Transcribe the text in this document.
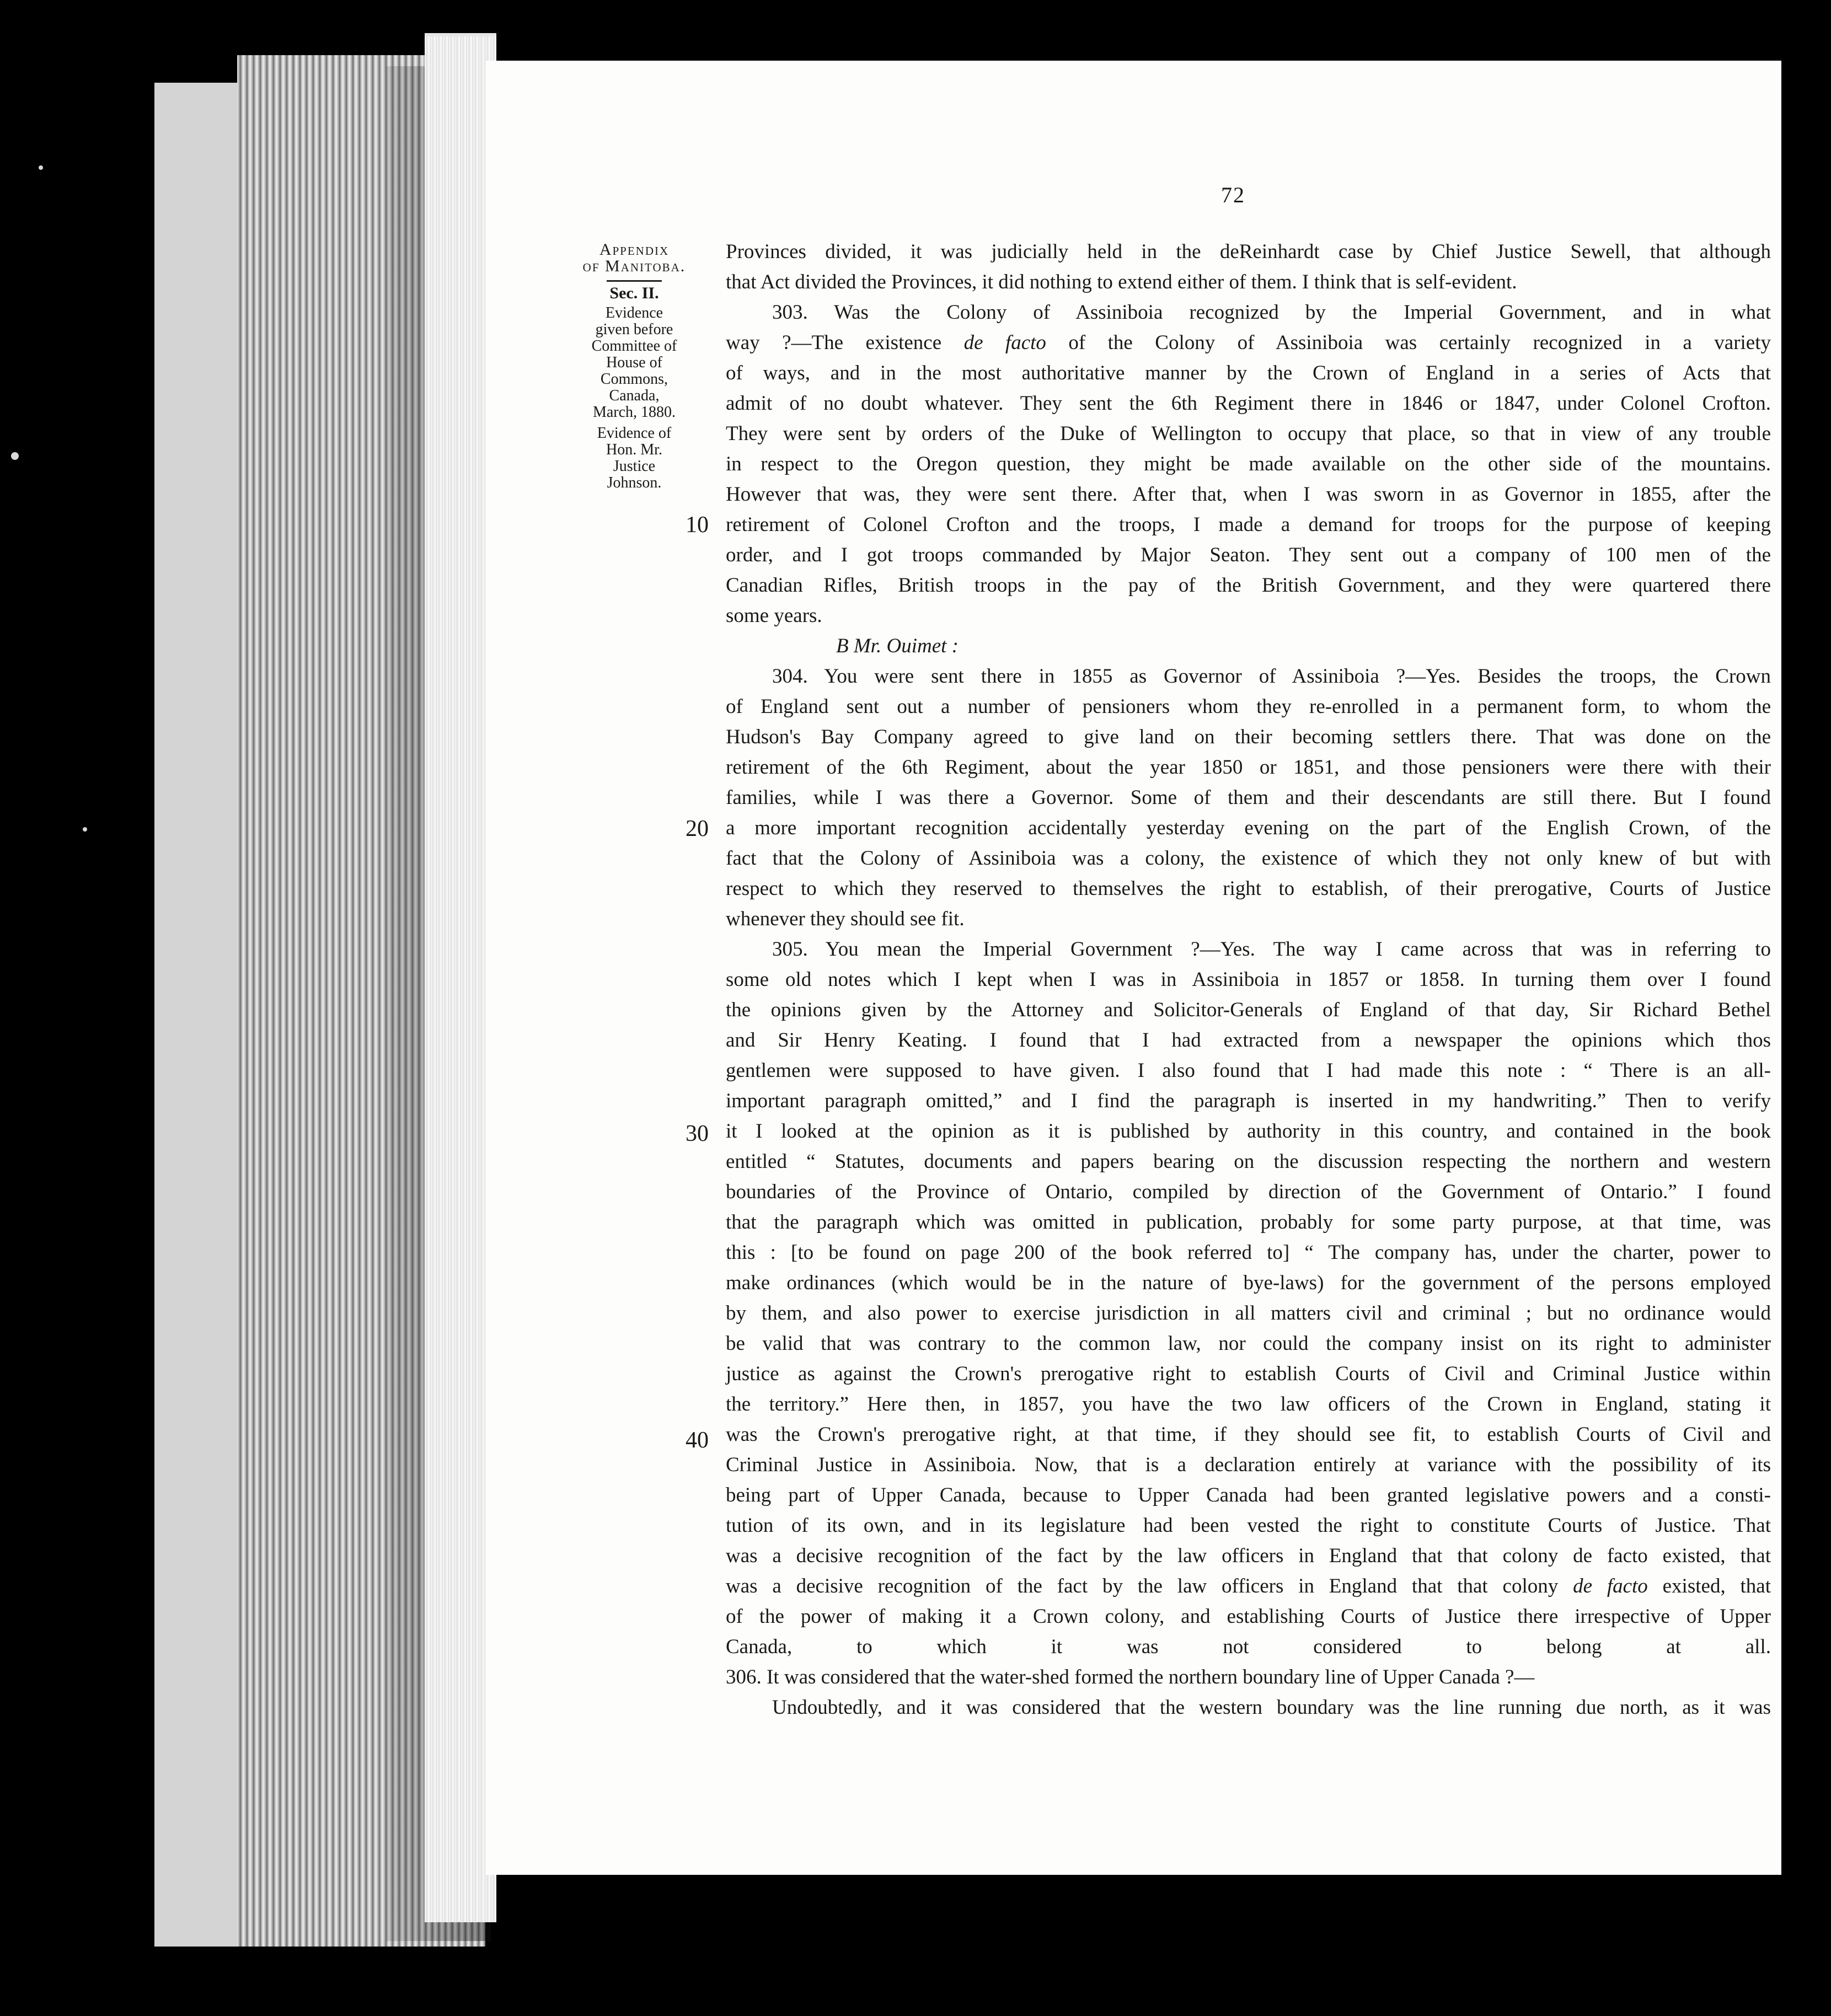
72
Appendix
of Manitoba.
Sec. II.
Evidence
given before
Committee of
House of
Commons,
Canada,
March, 1880.
Evidence of
Hon. Mr.
Justice
Johnson.
10
20
30
40
Provinces divided, it was judicially held in the deReinhardt case by Chief Justice Sewell, that although
that Act divided the Provinces, it did nothing to extend either of them. I think that is self-evident.
303. Was the Colony of Assiniboia recognized by the Imperial Government, and in what
way ?—The existence de facto of the Colony of Assiniboia was certainly recognized in a variety
of ways, and in the most authoritative manner by the Crown of England in a series of Acts that
admit of no doubt whatever. They sent the 6th Regiment there in 1846 or 1847, under Colonel Crofton.
They were sent by orders of the Duke of Wellington to occupy that place, so that in view of any trouble
in respect to the Oregon question, they might be made available on the other side of the mountains.
However that was, they were sent there. After that, when I was sworn in as Governor in 1855, after the
retirement of Colonel Crofton and the troops, I made a demand for troops for the purpose of keeping
order, and I got troops commanded by Major Seaton. They sent out a company of 100 men of the
Canadian Rifles, British troops in the pay of the British Government, and they were quartered there
some years.
B Mr. Ouimet :
304. You were sent there in 1855 as Governor of Assiniboia ?—Yes. Besides the troops, the Crown
of England sent out a number of pensioners whom they re-enrolled in a permanent form, to whom the
Hudson's Bay Company agreed to give land on their becoming settlers there. That was done on the
retirement of the 6th Regiment, about the year 1850 or 1851, and those pensioners were there with their
families, while I was there a Governor. Some of them and their descendants are still there. But I found
a more important recognition accidentally yesterday evening on the part of the English Crown, of the
fact that the Colony of Assiniboia was a colony, the existence of which they not only knew of but with
respect to which they reserved to themselves the right to establish, of their prerogative, Courts of Justice
whenever they should see fit.
305. You mean the Imperial Government ?—Yes. The way I came across that was in referring to
some old notes which I kept when I was in Assiniboia in 1857 or 1858. In turning them over I found
the opinions given by the Attorney and Solicitor-Generals of England of that day, Sir Richard Bethel
and Sir Henry Keating. I found that I had extracted from a newspaper the opinions which thos
gentlemen were supposed to have given. I also found that I had made this note : “ There is an all-
important paragraph omitted,” and I find the paragraph is inserted in my handwriting.” Then to verify
it I looked at the opinion as it is published by authority in this country, and contained in the book
entitled “ Statutes, documents and papers bearing on the discussion respecting the northern and western
boundaries of the Province of Ontario, compiled by direction of the Government of Ontario.” I found
that the paragraph which was omitted in publication, probably for some party purpose, at that time, was
this : [to be found on page 200 of the book referred to] “ The company has, under the charter, power to
make ordinances (which would be in the nature of bye-laws) for the government of the persons employed
by them, and also power to exercise jurisdiction in all matters civil and criminal ; but no ordinance would
be valid that was contrary to the common law, nor could the company insist on its right to administer
justice as against the Crown's prerogative right to establish Courts of Civil and Criminal Justice within
the territory.” Here then, in 1857, you have the two law officers of the Crown in England, stating it
was the Crown's prerogative right, at that time, if they should see fit, to establish Courts of Civil and
Criminal Justice in Assiniboia. Now, that is a declaration entirely at variance with the possibility of its
being part of Upper Canada, because to Upper Canada had been granted legislative powers and a consti-
tution of its own, and in its legislature had been vested the right to constitute Courts of Justice. That
was a decisive recognition of the fact by the law officers in England that that colony de facto existed, that
was a decisive recognition of the fact by the law officers in England that that colony de facto existed, that
of the power of making it a Crown colony, and establishing Courts of Justice there irrespective of Upper
Canada, to which it was not considered to belong at all.
306. It was considered that the water-shed formed the northern boundary line of Upper Canada ?—
Undoubtedly, and it was considered that the western boundary was the line running due north, as it was
